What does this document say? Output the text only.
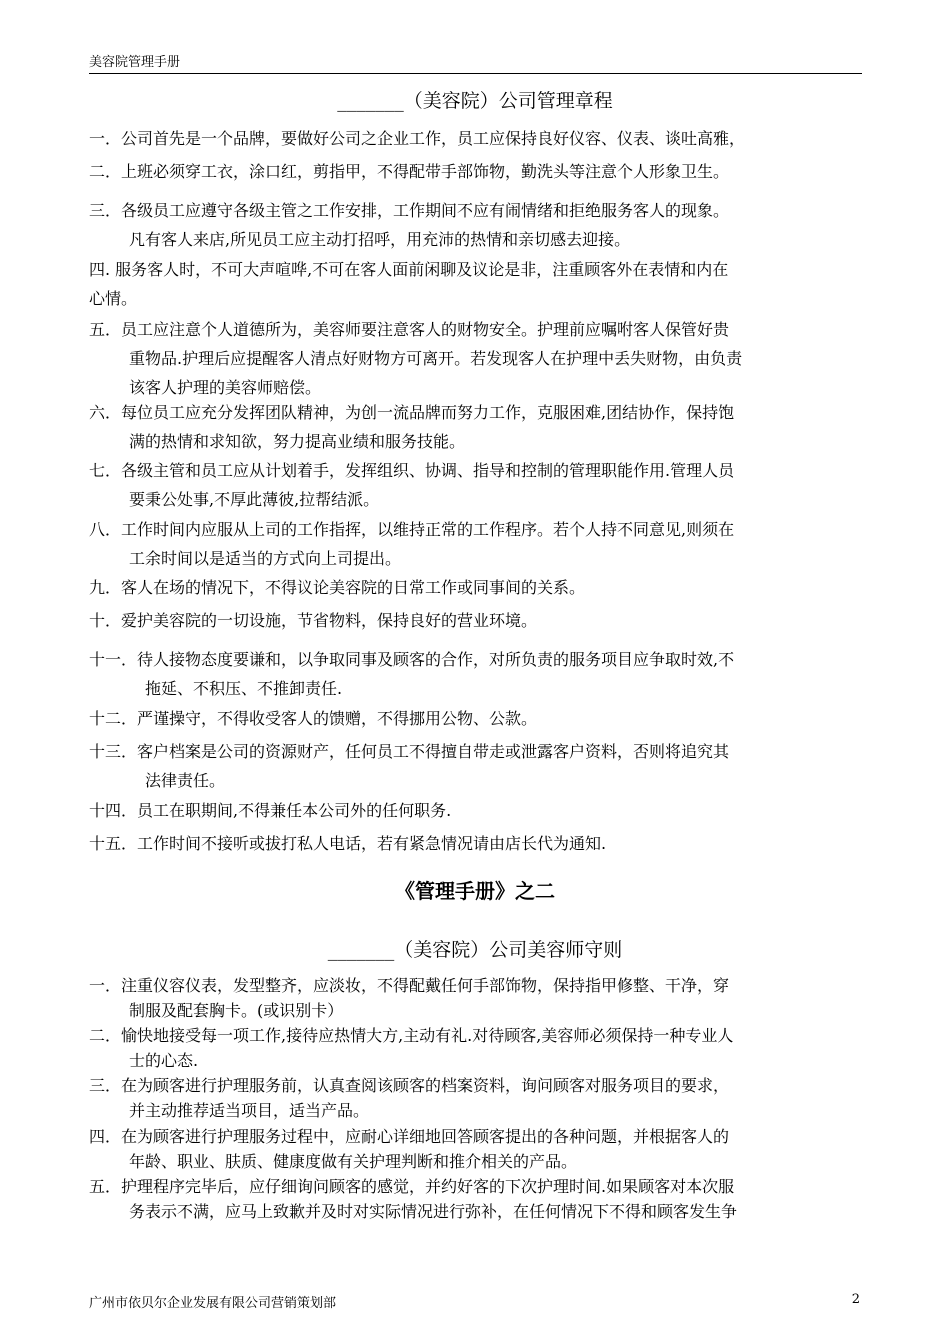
美容院管理手册
_______（美容院）公司管理章程
一．公司首先是一个品牌，要做好公司之企业工作，员工应保持良好仪容、仪表、谈吐高雅，
二．上班必须穿工衣，涂口红，剪指甲，不得配带手部饰物，勤洗头等注意个人形象卫生。
三．各级员工应遵守各级主管之工作安排，工作期间不应有闹情绪和拒绝服务客人的现象。
凡有客人来店,所见员工应主动打招呼，用充沛的热情和亲切感去迎接。
四. 服务客人时，不可大声喧哗,不可在客人面前闲聊及议论是非，注重顾客外在表情和内在
心情。
五．员工应注意个人道德所为，美容师要注意客人的财物安全。护理前应嘱咐客人保管好贵
重物品.护理后应提醒客人清点好财物方可离开。若发现客人在护理中丢失财物，由负责
该客人护理的美容师赔偿。
六．每位员工应充分发挥团队精神，为创一流品牌而努力工作，克服困难,团结协作，保持饱
满的热情和求知欲，努力提高业绩和服务技能。
七．各级主管和员工应从计划着手，发挥组织、协调、指导和控制的管理职能作用.管理人员
要秉公处事,不厚此薄彼,拉帮结派。
八．工作时间内应服从上司的工作指挥，以维持正常的工作程序。若个人持不同意见,则须在
工余时间以是适当的方式向上司提出。
九．客人在场的情况下，不得议论美容院的日常工作或同事间的关系。
十．爱护美容院的一切设施，节省物料，保持良好的营业环境。
十一．待人接物态度要谦和，以争取同事及顾客的合作，对所负责的服务项目应争取时效,不
拖延、不积压、不推卸责任.
十二．严谨操守，不得收受客人的馈赠，不得挪用公物、公款。
十三．客户档案是公司的资源财产，任何员工不得擅自带走或泄露客户资料，否则将追究其
法律责任。
十四．员工在职期间,不得兼任本公司外的任何职务.
十五．工作时间不接听或拔打私人电话，若有紧急情况请由店长代为通知.
《管理手册》之二
_______（美容院）公司美容师守则
一．注重仪容仪表，发型整齐，应淡妆，不得配戴任何手部饰物，保持指甲修整、干净，穿
制服及配套胸卡。(或识别卡）
二．愉快地接受每一项工作,接待应热情大方,主动有礼.对待顾客,美容师必须保持一种专业人
士的心态.
三．在为顾客进行护理服务前，认真查阅该顾客的档案资料，询问顾客对服务项目的要求，
并主动推荐适当项目，适当产品。
四．在为顾客进行护理服务过程中，应耐心详细地回答顾客提出的各种问题，并根据客人的
年龄、职业、肤质、健康度做有关护理判断和推介相关的产品。
五．护理程序完毕后，应仔细询问顾客的感觉，并约好客的下次护理时间.如果顾客对本次服
务表示不满，应马上致歉并及时对实际情况进行弥补，在任何情况下不得和顾客发生争
广州市依贝尔企业发展有限公司营销策划部	2
